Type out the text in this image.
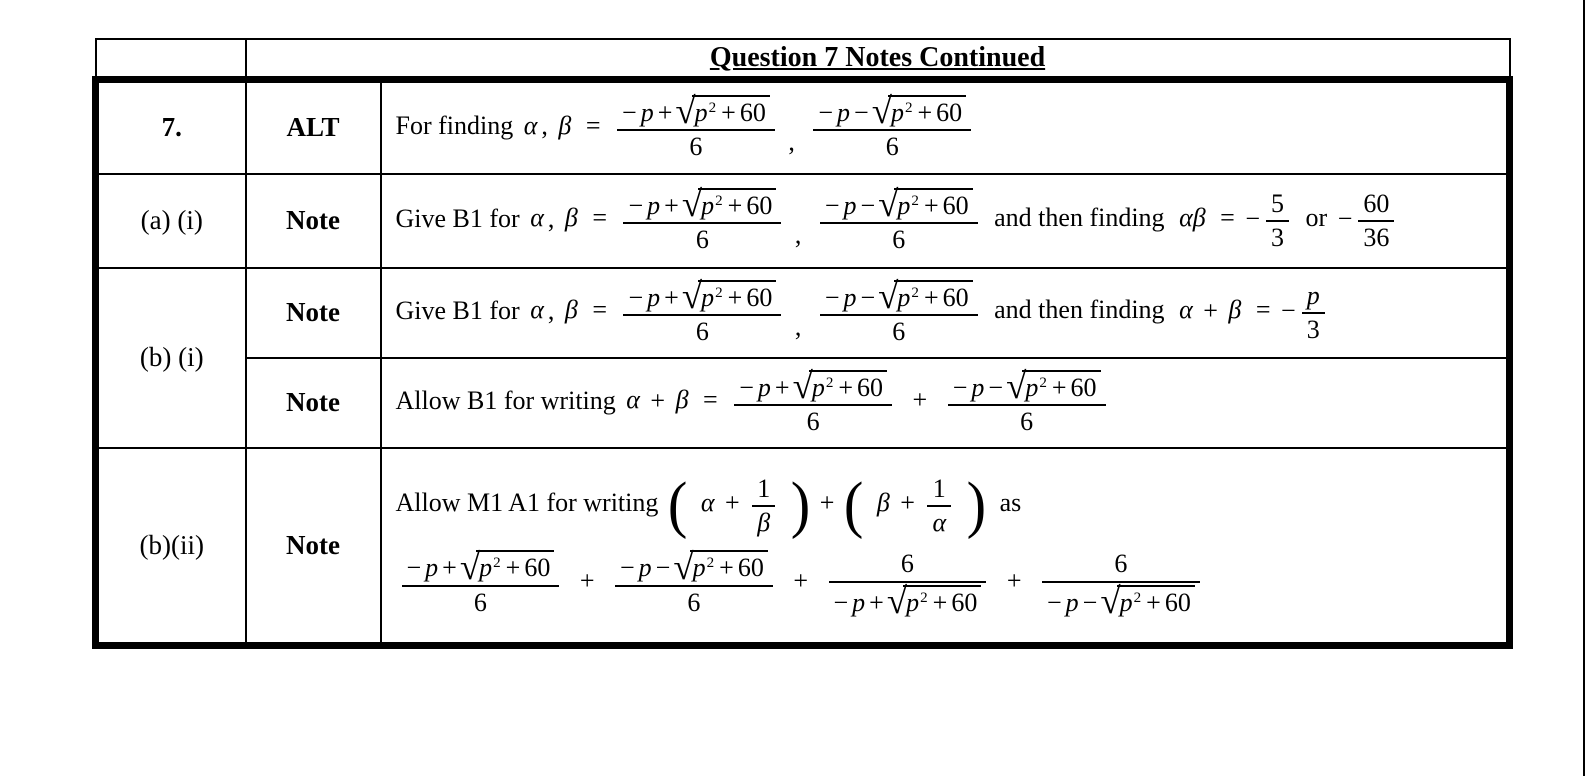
	Question 7 Notes Continued	
7.	ALT	For finding α , $\beta = \frac{- p + √ p 2 + 60}{6}$ , $\frac{- p - √ p 2 + 60}{6}$

(a) (i)	Note	Give B1 for α , $\beta = \frac{- p + √ p 2 + 60}{6}$ , $\frac{- p - √ p 2 + 60}{6}$ and then finding αβ = − $\frac{5}{3}$ or − $\frac{60}{36}$

(b) (i)	Note	Give B1 for α , $\beta = \frac{- p + √ p 2 + 60}{6}$ , $\frac{- p - √ p 2 + 60}{6}$ and then finding α + β = − $\frac{p}{3}$

Note	Allow B1 for writing $\alpha + \beta = \frac{- p + √ p 2 + 60}{6} + \frac{- p - √ p 2 + 60}{6}$

(b)(ii)	Note	Allow M1 A1 for writing ( $\alpha + \frac{1}{\beta}$ ) + ( $\beta + \frac{1}{\alpha}$ ) as
$\frac{- p + √ p 2 + 60}{6} + \frac{- p - √ p 2 + 60}{6} + \frac{6}{- p + √ p 2 + 60} + \frac{6}{- p - √ p 2 + 60}$
